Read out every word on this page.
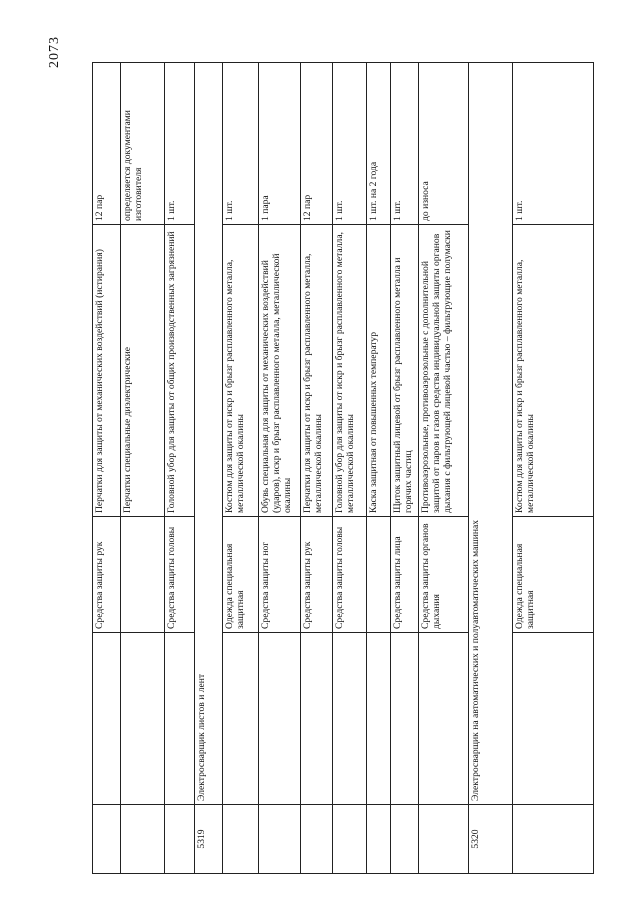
2073
Средства защиты рук
Перчатки для защиты от механических воздействий (истирания)
12 пар
Перчатки специальные диэлектрические
определяется документами изготовителя
Средства защиты головы
Головной убор для защиты от общих производственных загрязнений
1 шт.
5319
Электросварщик листов и лент
Одежда специальная защитная
Костюм для защиты от искр и брызг расплавленного металла, металлической окалины
1 шт.
Средства защиты ног
Обувь специальная для защиты от механических воздействий (ударов), искр и брызг расплавленного металла, металлической окалины
1 пара
Средства защиты рук
Перчатки для защиты от искр и брызг расплавленного металла, металлической окалины
12 пар
Средства защиты головы
Головной убор для защиты от искр и брызг расплавленного металла, металлической окалины
1 шт.
Каска защитная от повышенных температур
1 шт. на 2 года
Средства защиты лица
Щиток защитный лицевой от брызг расплавленного металла и горячих частиц
1 шт.
Средства защиты органов дыхания
Противоаэрозольные, противоаэрозольные с дополнительной защитой от паров и газов средства индивидуальной защиты органов дыхания с фильтрующей лицевой частью – фильтрующие полумаски
до износа
5320
Электросварщик на автоматических и полуавтоматических машинах	Одежда специальная защитная
Костюм для защиты от искр и брызг расплавленного металла, металлической окалины
1 шт.
